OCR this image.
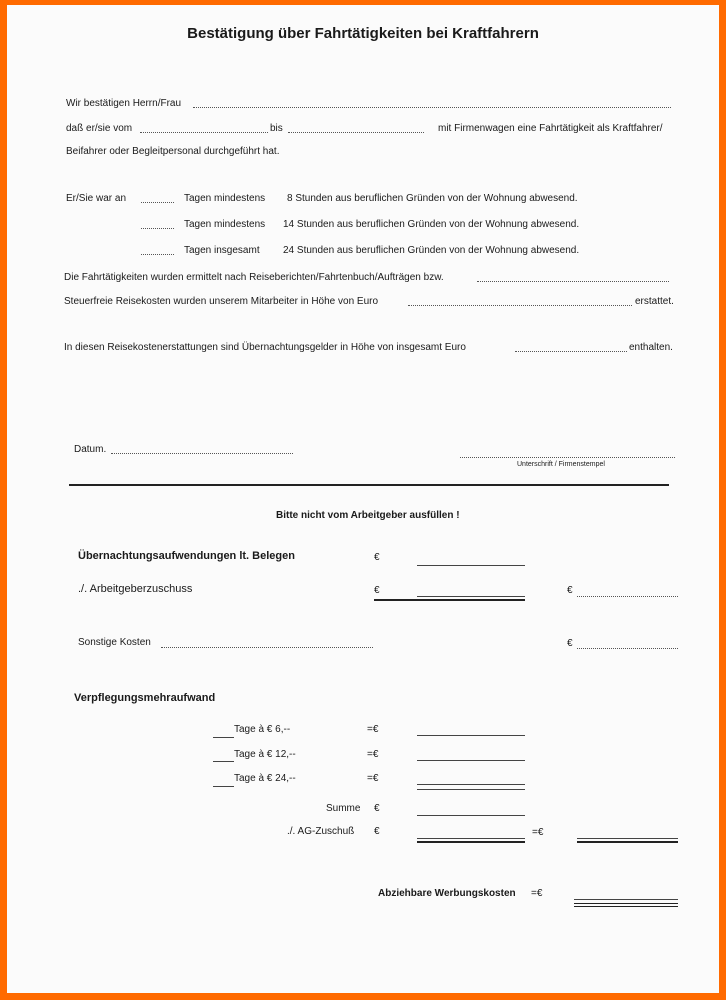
Bestätigung über Fahrtätigkeiten bei Kraftfahrern
Wir bestätigen Herrn/Frau
daß er/sie vom	bis	mit Firmenwagen eine Fahrtätigkeit als Kraftfahrer/
Beifahrer oder Begleitpersonal durchgeführt hat.
Er/Sie war an	Tagen mindestens 8 Stunden aus beruflichen Gründen von der Wohnung abwesend.
Tagen mindestens 14 Stunden aus beruflichen Gründen von der Wohnung abwesend.
Tagen insgesamt 24 Stunden aus beruflichen Gründen von der Wohnung abwesend.
Die Fahrtätigkeiten wurden ermittelt nach Reiseberichten/Fahrtenbuch/Aufträgen bzw.
Steuerfreie Reisekosten wurden unserem Mitarbeiter in Höhe von Euro	erstattet.
In diesen Reisekostenerstattungen sind Übernachtungsgelder in Höhe von insgesamt Euro	enthalten.
Datum.
Unterschrift / Firmenstempel
Bitte nicht vom Arbeitgeber ausfüllen !
Übernachtungsaufwendungen lt. Belegen	€
./. Arbeitgeberzuschuss	€	€
Sonstige Kosten	€
Verpflegungsmehraufwand
Tage à € 6,--	=€
Tage à € 12,--	=€
Tage à € 24,--	=€
Summe €
./. AG-Zuschuß €	=€
Abziehbare Werbungskosten =€
